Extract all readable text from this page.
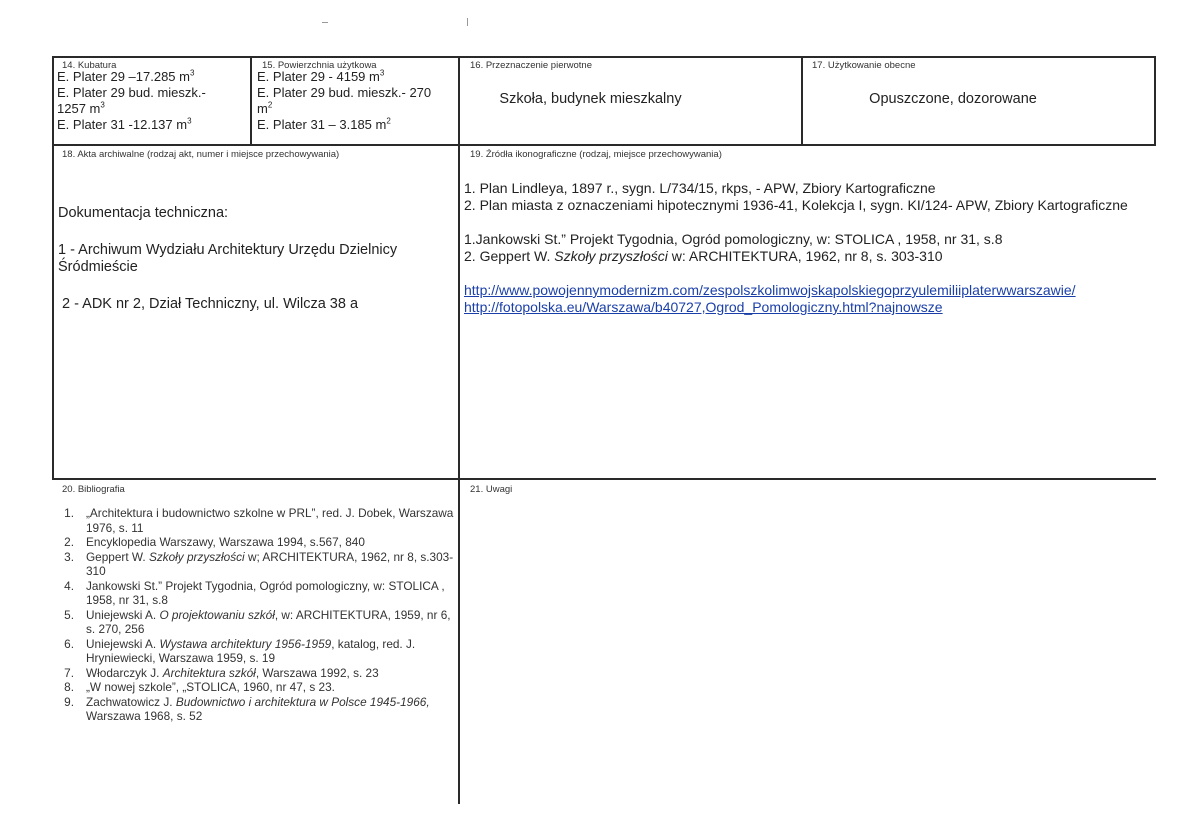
14. Kubatura
E. Plater 29 –17.285 $m^3$
E. Plater 29 bud. mieszk.-
1257 $m^3$
E. Plater 31 -12.137 $m^3$
15. Powierzchnia użytkowa
E. Plater 29 - 4159 $m^3$
E. Plater 29 bud. mieszk.- 270
$m^2$
E. Plater 31 – 3.185 $m^2$
16. Przeznaczenie pierwotne
Szkoła, budynek mieszkalny
17. Użytkowanie obecne
Opuszczone, dozorowane
18. Akta archiwalne (rodzaj akt, numer i miejsce przechowywania)
Dokumentacja techniczna:
1 - Archiwum Wydziału Architektury Urzędu Dzielnicy Śródmieście
2 - ADK nr 2, Dział Techniczny, ul. Wilcza 38 a
19. Źródła ikonograficzne (rodzaj, miejsce przechowywania)
1. Plan Lindleya, 1897 r., sygn. L/734/15, rkps, - APW, Zbiory Kartograficzne
2. Plan miasta z oznaczeniami hipotecznymi 1936-41, Kolekcja I, sygn. KI/124- APW, Zbiory Kartograficzne
1.Jankowski St.” Projekt Tygodnia, Ogród pomologiczny, w: STOLICA , 1958, nr 31, s.8
2. Geppert W. Szkoły przyszłości w: ARCHITEKTURA, 1962, nr 8, s. 303-310
http://www.powojennymodernizm.com/zespolszkolimwojskapolskiegoprzyulemiliiplaterwwarszawie/
http://fotopolska.eu/Warszawa/b40727,Ogrod_Pomologiczny.html?najnowsze
20. Bibliografia
1.	„Architektura i budownictwo szkolne w PRL”, red. J. Dobek, Warszawa 1976, s. 11
2.	Encyklopedia Warszawy, Warszawa 1994, s.567, 840
3.	Geppert W. Szkoły przyszłości w; ARCHITEKTURA, 1962, nr 8, s.303-310
4.	Jankowski St.” Projekt Tygodnia, Ogród pomologiczny, w: STOLICA , 1958, nr 31, s.8
5.	Uniejewski A. O projektowaniu szkół, w: ARCHITEKTURA, 1959, nr 6, s. 270, 256
6.	Uniejewski A. Wystawa architektury 1956-1959, katalog, red. J. Hryniewiecki, Warszawa 1959, s. 19
7.	Włodarczyk J. Architektura szkół, Warszawa 1992, s. 23
8.	„W nowej szkole”, „STOLICA, 1960, nr 47, s 23.
9.	Zachwatowicz J. Budownictwo i architektura w Polsce 1945-1966, Warszawa 1968, s. 52
21. Uwagi
